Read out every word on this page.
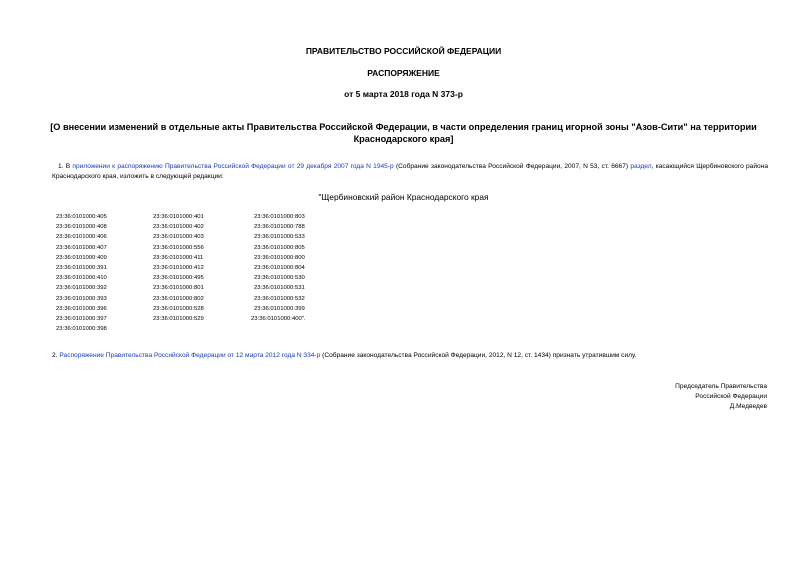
ПРАВИТЕЛЬСТВО РОССИЙСКОЙ ФЕДЕРАЦИИ
РАСПОРЯЖЕНИЕ
от 5 марта 2018 года N 373-р
[О внесении изменений в отдельные акты Правительства Российской Федерации, в части определения границ игорной зоны "Азов-Сити" на территории
Краснодарского края]
1. В приложении к распоряжению Правительства Российской Федерации от 29 декабря 2007 года N 1945-р (Собрание законодательства Российской Федерации, 2007, N 53, ст. 6667) раздел, касающийся Щербиновского района Краснодарского края, изложить в следующей редакции:
"Щербиновский район Краснодарского края
23:36:0101000:405
23:36:0101000:408
23:36:0101000:406
23:36:0101000:407
23:36:0101000:409
23:36:0101000:391
23:36:0101000:410
23:36:0101000:392
23:36:0101000:393
23:36:0101000:396
23:36:0101000:397
23:36:0101000:398
23:36:0101000:401
23:36:0101000:402
23:36:0101000:403
23:36:0101000:556
23:36:0101000:411
23:36:0101000:412
23:36:0101000:495
23:36:0101000:801
23:36:0101000:802
23:36:0101000:528
23:36:0101000:529
23:36:0101000:803
23:36:0101000:788
23:36:0101000:533
23:36:0101000:805
23:36:0101000:800
23:36:0101000:804
23:36:0101000:530
23:36:0101000:531
23:36:0101000:532
23:36:0101000:399
23:36:0101000:400".
2. Распоряжение Правительства Российской Федерации от 12 марта 2012 года N 334-р (Собрание законодательства Российской Федерации, 2012, N 12, ст. 1434) признать утратившим силу.
Председатель Правительства
Российской Федерации
Д.Медведев
